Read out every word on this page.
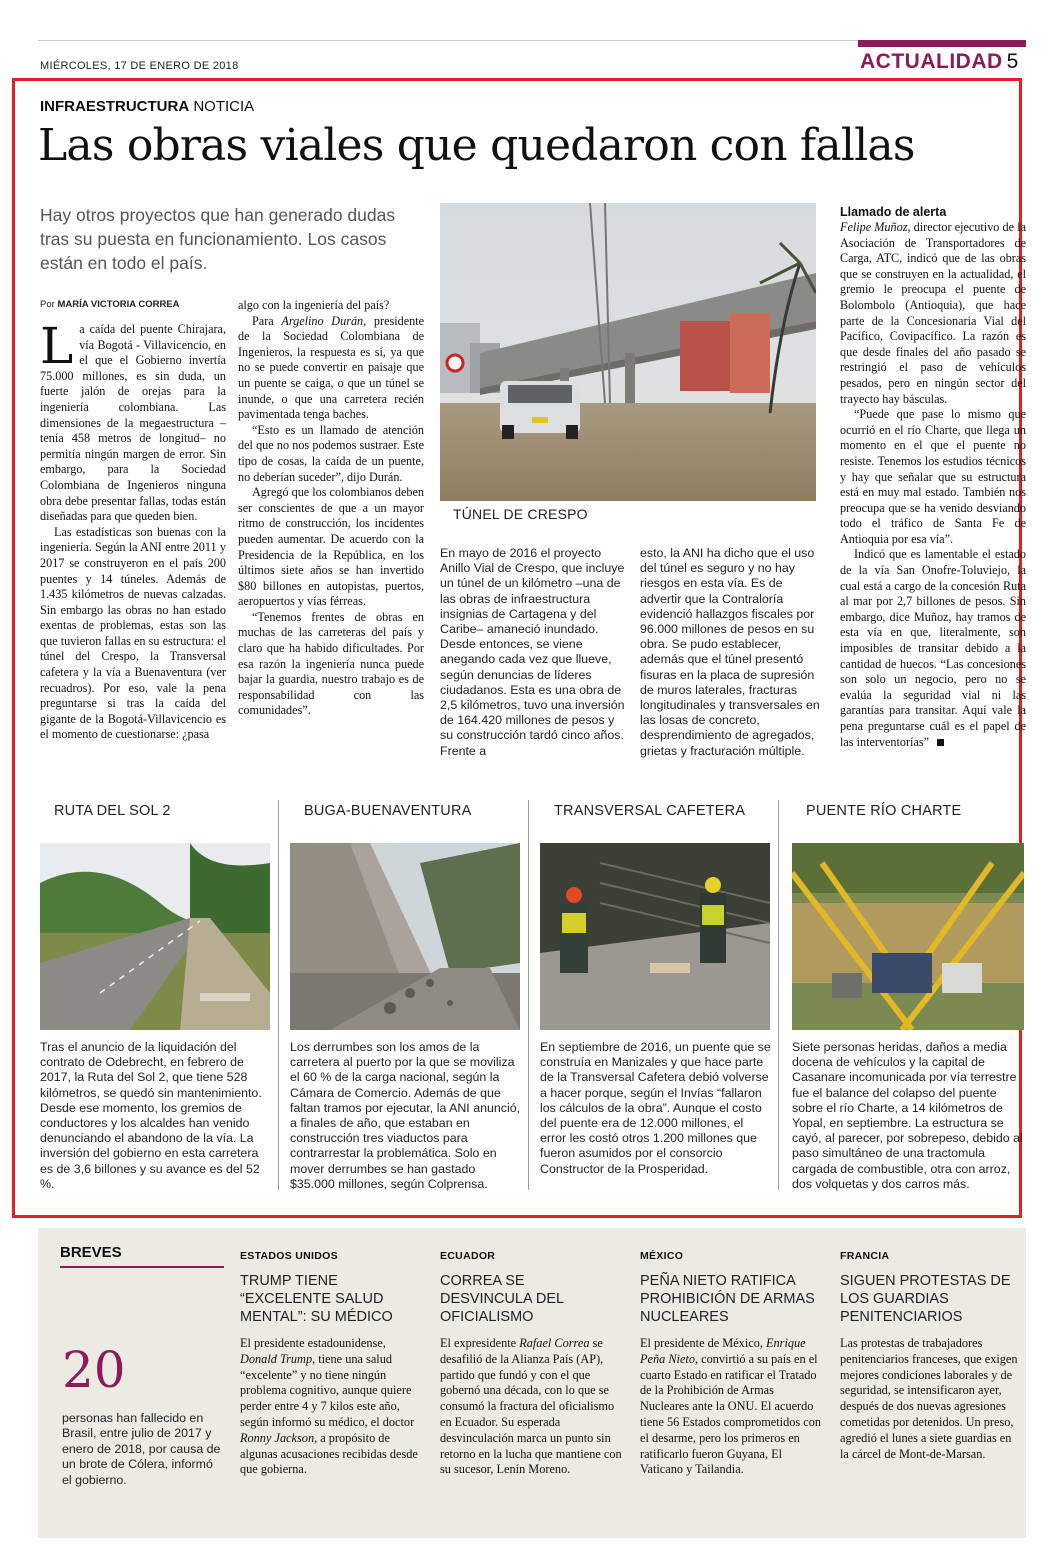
MIÉRCOLES, 17 DE ENERO DE 2018	ACTUALIDAD 5
INFRAESTRUCTURA NOTICIA
Las obras viales que quedaron con fallas
Hay otros proyectos que han generado dudas tras su puesta en funcionamiento. Los casos están en todo el país.
Por MARÍA VICTORIA CORREA

La caída del puente Chirajara, vía Bogotá - Villavicencio, en el que el Gobierno invertía 75.000 millones, es sin duda, un fuerte jalón de orejas para la ingeniería colombiana. Las dimensiones de la megaestructura –tenía 458 metros de longitud– no permitía ningún margen de error. Sin embargo, para la Sociedad Colombiana de Ingenieros ninguna obra debe presentar fallas, todas están diseñadas para que queden bien.

Las estadísticas son buenas con la ingeniería. Según la ANI entre 2011 y 2017 se construyeron en el país 200 puentes y 14 túneles. Además de 1.435 kilómetros de nuevas calzadas. Sin embargo las obras no han estado exentas de problemas, estas son las que tuvieron fallas en su estructura: el túnel del Crespo, la Transversal cafetera y la vía a Buenaventura (ver recuadros). Por eso, vale la pena preguntarse si tras la caída del gigante de la Bogotá-Villavicencio es el momento de cuestionarse: ¿pasa

algo con la ingeniería del país?

Para Argelino Durán, presidente de la Sociedad Colombiana de Ingenieros, la respuesta es sí, ya que no se puede convertir en paisaje que un puente se caiga, o que un túnel se inunde, o que una carretera recién pavimentada tenga baches.

“Esto es un llamado de atención del que no nos podemos sustraer. Este tipo de cosas, la caída de un puente, no deberían suceder”, dijo Durán.

Agregó que los colombianos deben ser conscientes de que a un mayor ritmo de construcción, los incidentes pueden aumentar. De acuerdo con la Presidencia de la República, en los últimos siete años se han invertido $80 billones en autopistas, puertos, aeropuertos y vías férreas.

“Tenemos frentes de obras en muchas de las carreteras del país y claro que ha habido dificultades. Por esa razón la ingeniería nunca puede bajar la guardia, nuestro trabajo es de responsabilidad con las comunidades”.

TÚNEL DE CRESPO
En mayo de 2016 el proyecto Anillo Vial de Crespo, que incluye un túnel de un kilómetro –una de las obras de infraestructura insignias de Cartagena y del Caribe– amaneció inundado. Desde entonces, se viene anegando cada vez que llueve, según denuncias de líderes ciudadanos. Esta es una obra de 2,5 kilómetros, tuvo una inversión de 164.420 millones de pesos y su construcción tardó cinco años. Frente a
esto, la ANI ha dicho que el uso del túnel es seguro y no hay riesgos en esta vía. Es de advertir que la Contraloría evidenció hallazgos fiscales por 96.000 millones de pesos en su obra. Se pudo establecer, además que el túnel presentó fisuras en la placa de supresión de muros laterales, fracturas longitudinales y transversales en las losas de concreto, desprendimiento de agregados, grietas y fracturación múltiple.
Llamado de alerta

Felipe Muñoz, director ejecutivo de la Asociación de Transportadores de Carga, ATC, indicó que de las obras que se construyen en la actualidad, el gremio le preocupa el puente de Bolombolo (Antioquia), que hace parte de la Concesionaria Vial del Pacífico, Covipacífico. La razón es que desde finales del año pasado se restringió el paso de vehículos pesados, pero en ningún sector del trayecto hay básculas.

“Puede que pase lo mismo que ocurrió en el río Charte, que llega un momento en el que el puente no resiste. Tenemos los estudios técnicos y hay que señalar que su estructura está en muy mal estado. También nos preocupa que se ha venido desviando todo el tráfico de Santa Fe de Antioquia por esa vía”.

Indicó que es lamentable el estado de la vía San Onofre-Toluviejo, la cual está a cargo de la concesión Ruta al mar por 2,7 billones de pesos. Sin embargo, dice Muñoz, hay tramos de esta vía en que, literalmente, son imposibles de transitar debido a la cantidad de huecos. “Las concesiones son solo un negocio, pero no se evalúa la seguridad vial ni las garantías para transitar. Aquí vale la pena preguntarse cuál es el papel de las interventorías”

RUTA DEL SOL 2
Tras el anuncio de la liquidación del contrato de Odebrecht, en febrero de 2017, la Ruta del Sol 2, que tiene 528 kilómetros, se quedó sin mantenimiento. Desde ese momento, los gremios de conductores y los alcaldes han venido denunciando el abandono de la vía. La inversión del gobierno en esta carretera es de 3,6 billones y su avance es del 52 %.
BUGA-BUENAVENTURA
Los derrumbes son los amos de la carretera al puerto por la que se moviliza el 60 % de la carga nacional, según la Cámara de Comercio. Además de que faltan tramos por ejecutar, la ANI anunció, a finales de año, que estaban en construcción tres viaductos para contrarrestar la problemática. Solo en mover derrumbes se han gastado $35.000 millones, según Colprensa.
TRANSVERSAL CAFETERA
En septiembre de 2016, un puente que se construía en Manizales y que hace parte de la Transversal Cafetera debió volverse a hacer porque, según el Invías “fallaron los cálculos de la obra”. Aunque el costo del puente era de 12.000 millones, el error les costó otros 1.200 millones que fueron asumidos por el consorcio Constructor de la Prosperidad.
PUENTE RÍO CHARTE
Siete personas heridas, daños a media docena de vehículos y la capital de Casanare incomunicada por vía terrestre fue el balance del colapso del puente sobre el río Charte, a 14 kilómetros de Yopal, en septiembre. La estructura se cayó, al parecer, por sobrepeso, debido al paso simultáneo de una tractomula cargada de combustible, otra con arroz, dos volquetas y dos carros más.
BREVES
20
personas han fallecido en Brasil, entre julio de 2017 y enero de 2018, por causa de un brote de Cólera, informó el gobierno.
ESTADOS UNIDOS
TRUMP TIENE “EXCELENTE SALUD MENTAL”: SU MÉDICO
El presidente estadounidense, Donald Trump, tiene una salud “excelente” y no tiene ningún problema cognitivo, aunque quiere perder entre 4 y 7 kilos este año, según informó su médico, el doctor Ronny Jackson, a propósito de algunas acusaciones recibidas desde que gobierna.
ECUADOR
CORREA SE DESVINCULA DEL OFICIALISMO
El expresidente Rafael Correa se desafilió de la Alianza País (AP), partido que fundó y con el que gobernó una década, con lo que se consumó la fractura del oficialismo en Ecuador. Su esperada desvinculación marca un punto sin retorno en la lucha que mantiene con su sucesor, Lenín Moreno.
MÉXICO
PEÑA NIETO RATIFICA PROHIBICIÓN DE ARMAS NUCLEARES
El presidente de México, Enrique Peña Nieto, convirtió a su país en el cuarto Estado en ratificar el Tratado de la Prohibición de Armas Nucleares ante la ONU. El acuerdo tiene 56 Estados comprometidos con el desarme, pero los primeros en ratificarlo fueron Guyana, El Vaticano y Tailandia.
FRANCIA
SIGUEN PROTESTAS DE LOS GUARDIAS PENITENCIARIOS
Las protestas de trabajadores penitenciarios franceses, que exigen mejores condiciones laborales y de seguridad, se intensificaron ayer, después de dos nuevas agresiones cometidas por detenidos. Un preso, agredió el lunes a siete guardias en la cárcel de Mont-de-Marsan.
